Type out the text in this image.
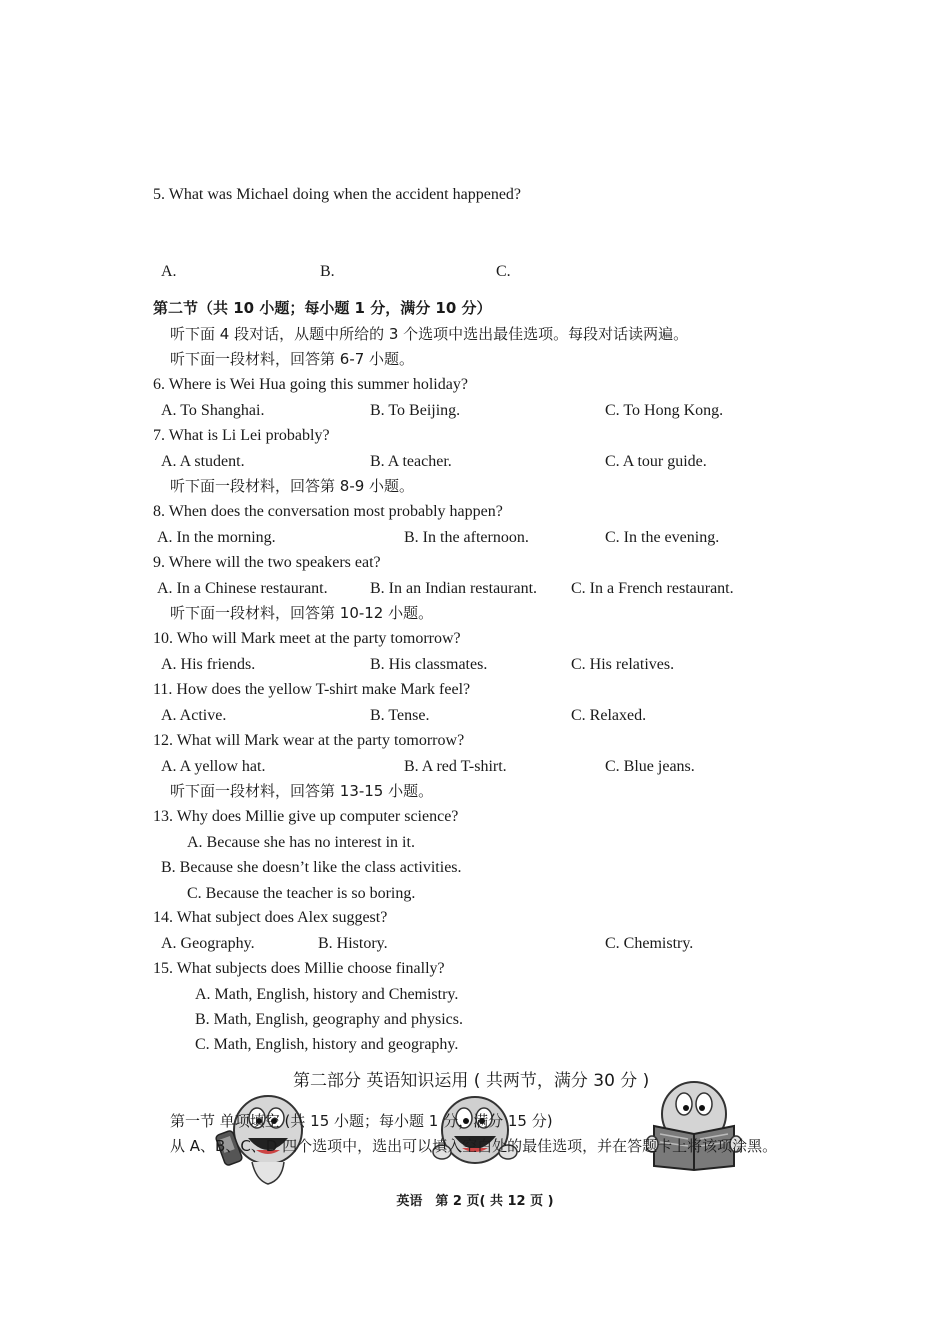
5. What was Michael doing when the accident happened?
A.	B.	C.
第二节（共 10 小题；每小题 1 分，满分 10 分）
听下面 4 段对话，从题中所给的 3 个选项中选出最佳选项。每段对话读两遍。
听下面一段材料，回答第 6-7 小题。
6. Where is Wei Hua going this summer holiday?
A. To Shanghai.	B. To Beijing.	C. To Hong Kong.
7. What is Li Lei probably?
A. A student.	B. A teacher.	C. A tour guide.
听下面一段材料，回答第 8-9 小题。
8. When does the conversation most probably happen?
A. In the morning.	B. In the afternoon.	C. In the evening.
9. Where will the two speakers eat?
A. In a Chinese restaurant.	B. In an Indian restaurant. C. In a French restaurant.
听下面一段材料，回答第 10-12 小题。
10. Who will Mark meet at the party tomorrow?
A. His friends.	B. His classmates.	C. His relatives.
11. How does the yellow T-shirt make Mark feel?
A. Active.	B. Tense.	C. Relaxed.
12. What will Mark wear at the party tomorrow?
A. A yellow hat.	B. A red T-shirt.	C. Blue jeans.
听下面一段材料，回答第 13-15 小题。
13. Why does Millie give up computer science?
A. Because she has no interest in it.
B. Because she doesn’t like the class activities.
C. Because the teacher is so boring.
14. What subject does Alex suggest?
A. Geography.	B. History.	C. Chemistry.
15. What subjects does Millie choose finally?
A. Math, English, history and Chemistry.
B. Math, English, geography and physics.
C. Math, English, history and geography.
第二部分 英语知识运用 ( 共两节，满分 30 分 )
第一节 单项填空 (共 15 小题；每小题 1 分，满分 15 分)
从 A、B、C、D 四个选项中，选出可以填入空白处的最佳选项，并在答题卡上将该项涂黑。
英语　第 2 页( 共 12 页 )
